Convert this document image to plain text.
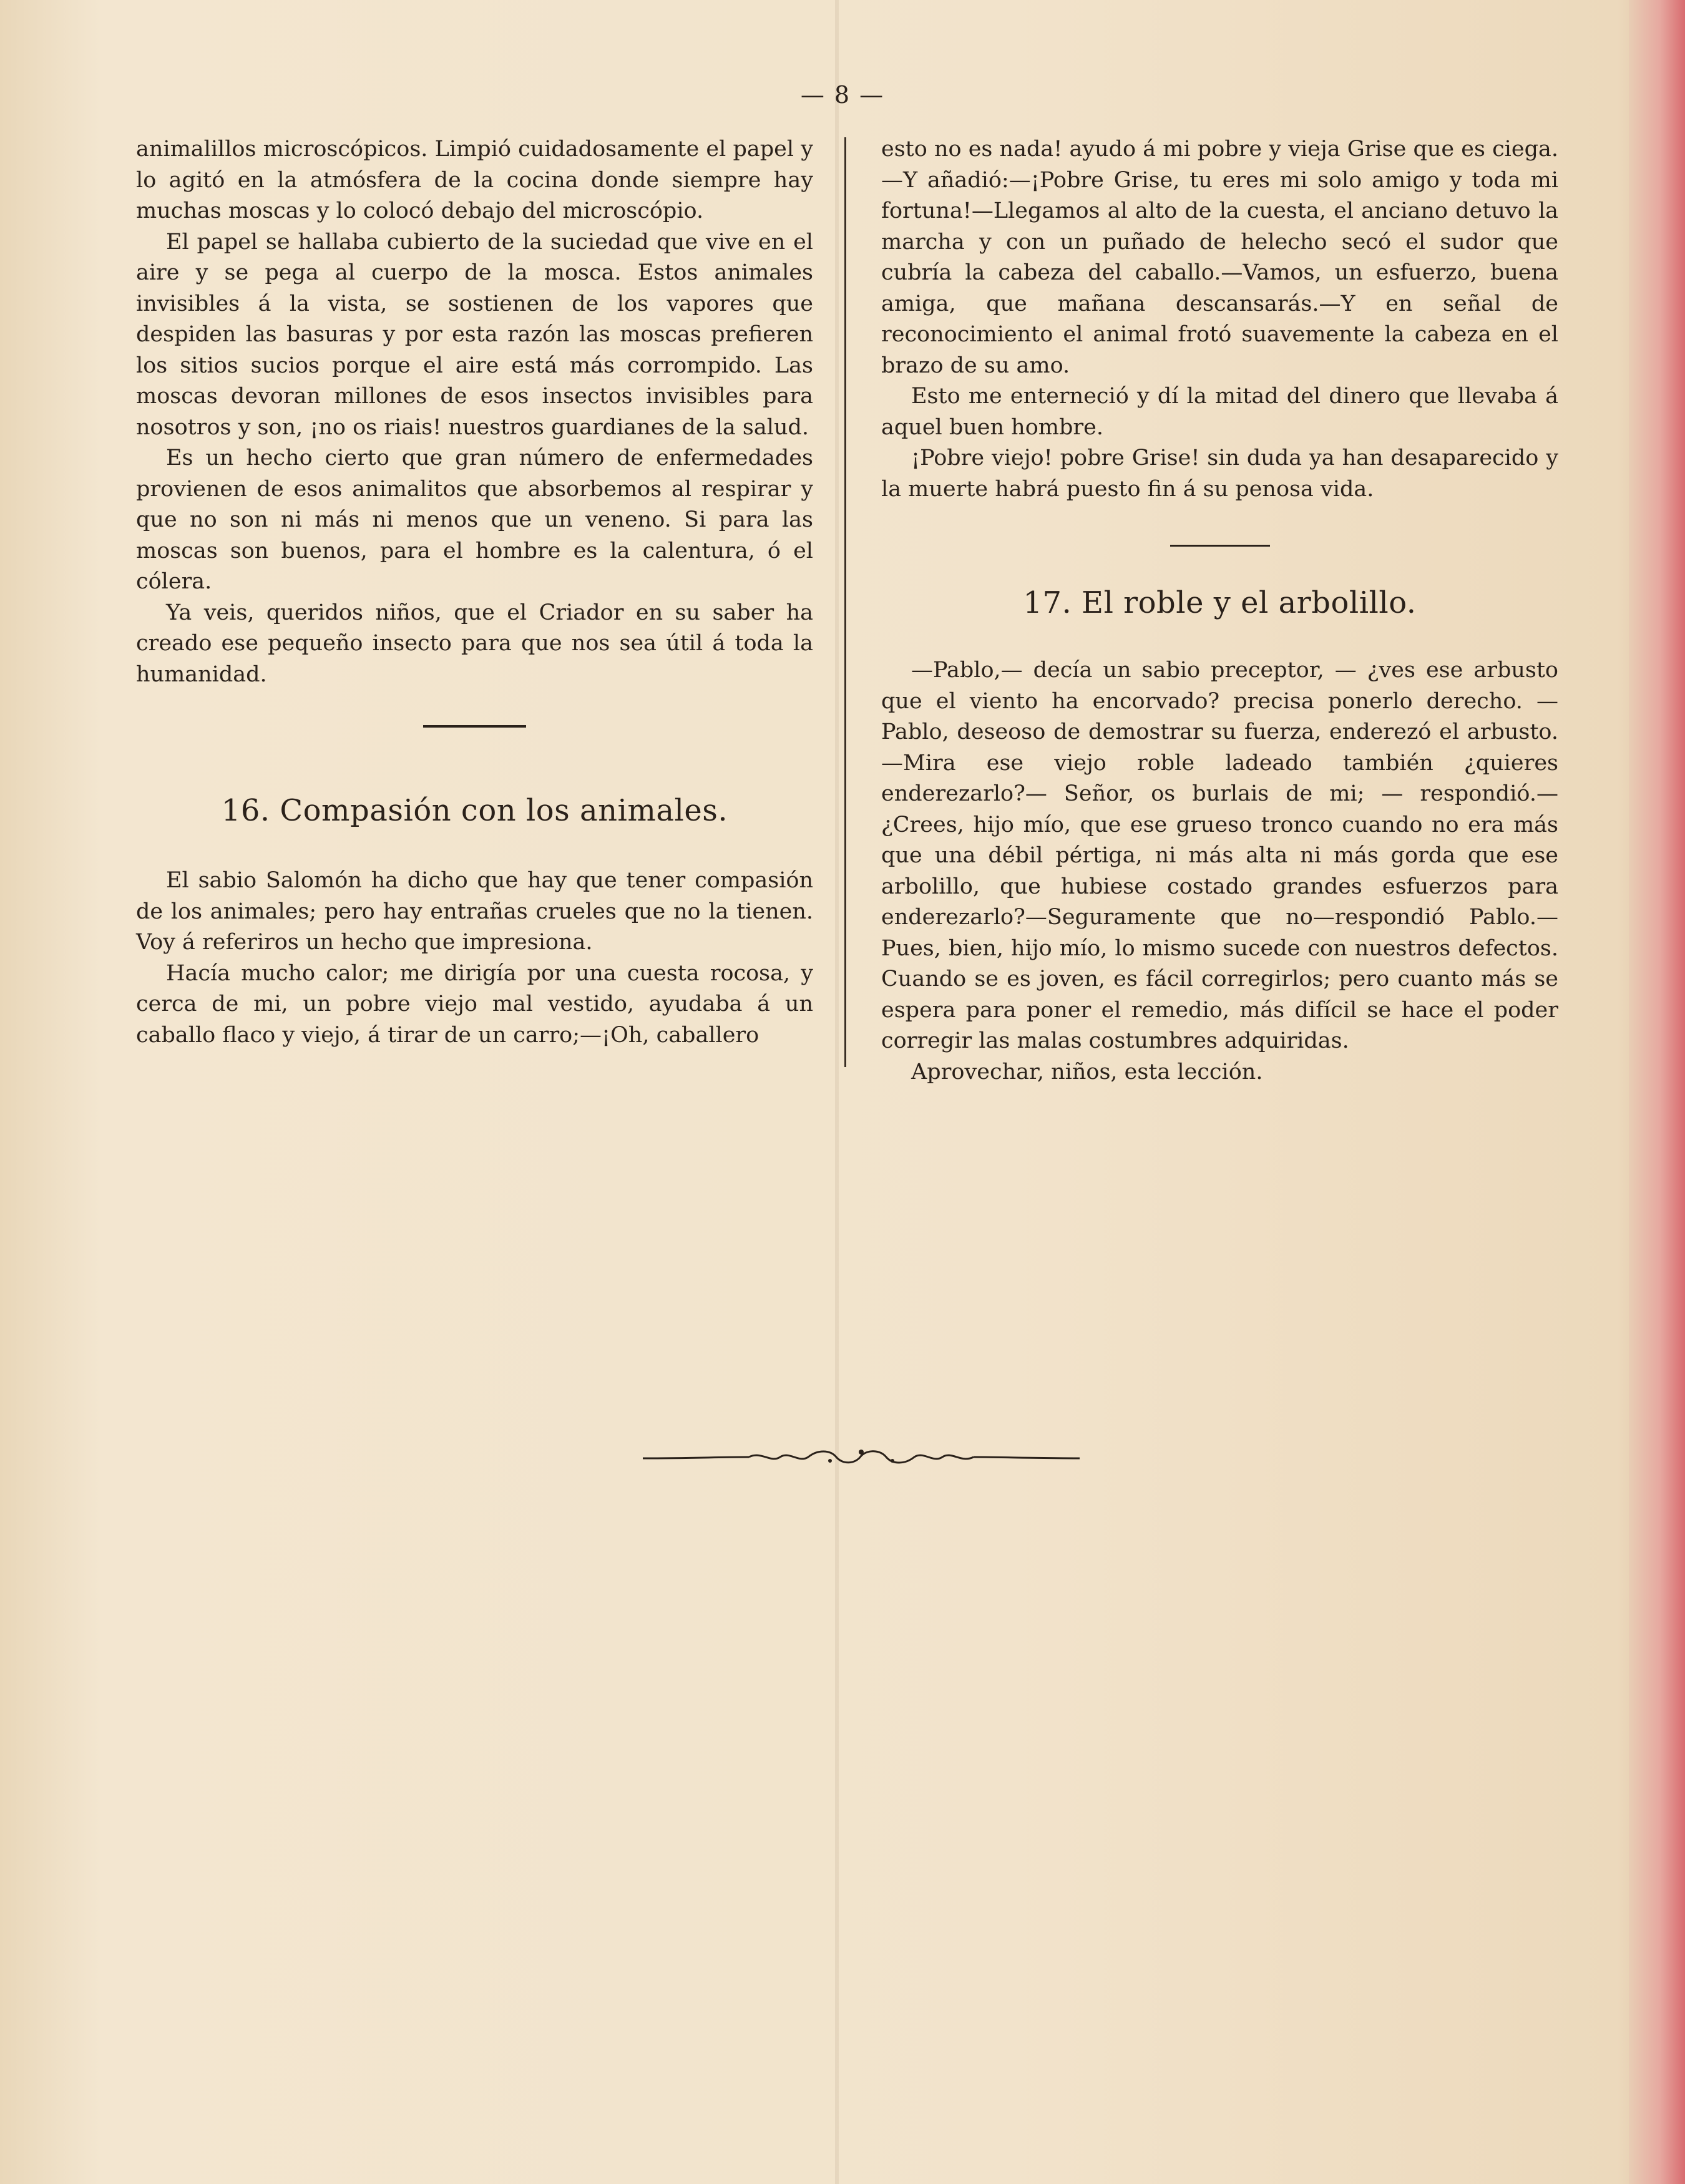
— 8 —

animalillos microscópicos. Limpió cuidadosamente el papel y lo agitó en la atmósfera de la cocina donde siempre hay muchas moscas y lo colocó debajo del microscópio.

El papel se hallaba cubierto de la suciedad que vive en el aire y se pega al cuerpo de la mosca. Estos animales invisibles á la vista, se sostienen de los vapores que despiden las basuras y por esta razón las moscas prefieren los sitios sucios porque el aire está más corrompido. Las moscas devoran millones de esos insectos invisibles para nosotros y son, ¡no os riais! nuestros guardianes de la salud.

Es un hecho cierto que gran número de enfermedades provienen de esos animalitos que absorbemos al respirar y que no son ni más ni menos que un veneno. Si para las moscas son buenos, para el hombre es la calentura, ó el cólera.

Ya veis, queridos niños, que el Criador en su saber ha creado ese pequeño insecto para que nos sea útil á toda la humanidad.

16. Compasión con los animales.

El sabio Salomón ha dicho que hay que tener compasión de los animales; pero hay entrañas crueles que no la tienen. Voy á referiros un hecho que impresiona.

Hacía mucho calor; me dirigía por una cuesta rocosa, y cerca de mi, un pobre viejo mal vestido, ayudaba á un caballo flaco y viejo, á tirar de un carro;—¡Oh, caballero

esto no es nada! ayudo á mi pobre y vieja Grise que es ciega.—Y añadió:—¡Pobre Grise, tu eres mi solo amigo y toda mi fortuna!—Llegamos al alto de la cuesta, el anciano detuvo la marcha y con un puñado de helecho secó el sudor que cubría la cabeza del caballo.—Vamos, un esfuerzo, buena amiga, que mañana descansarás.—Y en señal de reconocimiento el animal frotó suavemente la cabeza en el brazo de su amo.

Esto me enterneció y dí la mitad del dinero que llevaba á aquel buen hombre.

¡Pobre viejo! pobre Grise! sin duda ya han desaparecido y la muerte habrá puesto fin á su penosa vida.

17. El roble y el arbolillo.

—Pablo,— decía un sabio preceptor, — ¿ves ese arbusto que el viento ha encorvado? precisa ponerlo derecho. —Pablo, deseoso de demostrar su fuerza, enderezó el arbusto.—Mira ese viejo roble ladeado también ¿quieres enderezarlo?— Señor, os burlais de mi; — respondió.— ¿Crees, hijo mío, que ese grueso tronco cuando no era más que una débil pértiga, ni más alta ni más gorda que ese arbolillo, que hubiese costado grandes esfuerzos para enderezarlo?—Seguramente que no—respondió Pablo.— Pues, bien, hijo mío, lo mismo sucede con nuestros defectos. Cuando se es joven, es fácil corregirlos; pero cuanto más se espera para poner el remedio, más difícil se hace el poder corregir las malas costumbres adquiridas.

Aprovechar, niños, esta lección.
